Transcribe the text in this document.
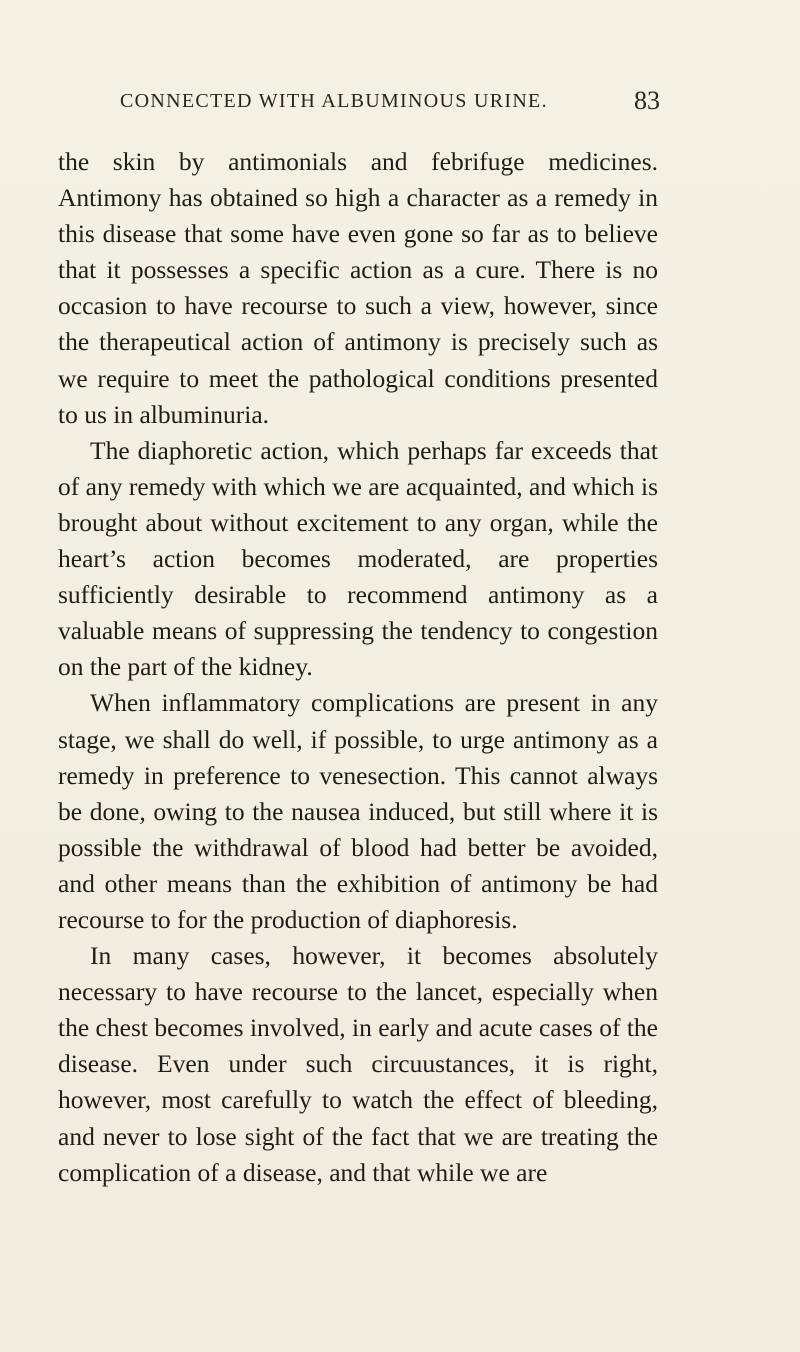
CONNECTED WITH ALBUMINOUS URINE.	83

the skin by antimonials and febrifuge medicines. Antimony has obtained so high a character as a remedy in this disease that some have even gone so far as to believe that it possesses a specific action as a cure. There is no occasion to have recourse to such a view, however, since the therapeutical action of antimony is precisely such as we require to meet the pathological conditions presented to us in albuminuria.

The diaphoretic action, which perhaps far exceeds that of any remedy with which we are acquainted, and which is brought about without excitement to any organ, while the heart’s action becomes moderated, are properties sufficiently desirable to recommend antimony as a valuable means of suppressing the tendency to congestion on the part of the kidney.

When inflammatory complications are present in any stage, we shall do well, if possible, to urge antimony as a remedy in preference to venesection. This cannot always be done, owing to the nausea induced, but still where it is possible the withdrawal of blood had better be avoided, and other means than the exhibition of antimony be had recourse to for the production of diaphoresis.

In many cases, however, it becomes absolutely necessary to have recourse to the lancet, especially when the chest becomes involved, in early and acute cases of the disease. Even under such circuustances, it is right, however, most carefully to watch the effect of bleeding, and never to lose sight of the fact that we are treating the complication of a disease, and that while we are
